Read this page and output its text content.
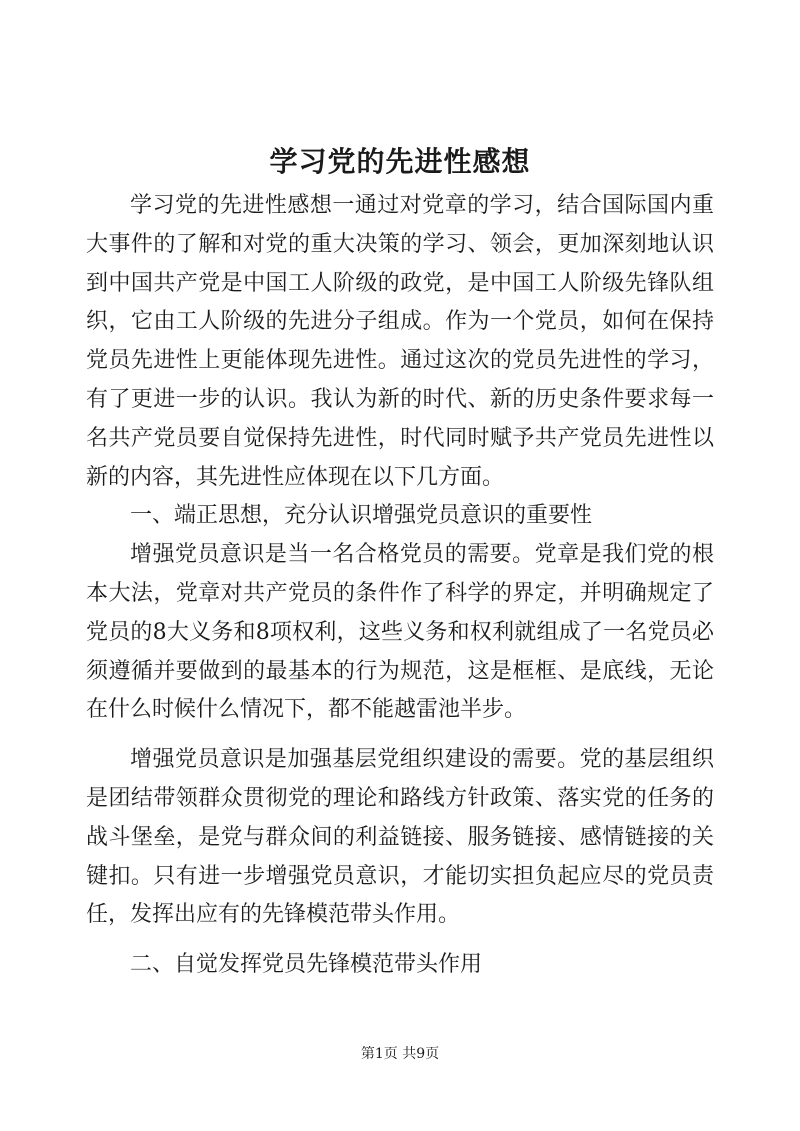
学习党的先进性感想

学习党的先进性感想一通过对党章的学习，结合国际国内重大事件的了解和对党的重大决策的学习、领会，更加深刻地认识到中国共产党是中国工人阶级的政党，是中国工人阶级先锋队组织，它由工人阶级的先进分子组成。作为一个党员，如何在保持党员先进性上更能体现先进性。通过这次的党员先进性的学习，有了更进一步的认识。我认为新的时代、新的历史条件要求每一名共产党员要自觉保持先进性，时代同时赋予共产党员先进性以新的内容，其先进性应体现在以下几方面。

一、端正思想，充分认识增强党员意识的重要性

增强党员意识是当一名合格党员的需要。党章是我们党的根本大法，党章对共产党员的条件作了科学的界定，并明确规定了党员的8大义务和8项权利，这些义务和权利就组成了一名党员必须遵循并要做到的最基本的行为规范，这是框框、是底线，无论在什么时候什么情况下，都不能越雷池半步。

增强党员意识是加强基层党组织建设的需要。党的基层组织是团结带领群众贯彻党的理论和路线方针政策、落实党的任务的战斗堡垒，是党与群众间的利益链接、服务链接、感情链接的关键扣。只有进一步增强党员意识，才能切实担负起应尽的党员责任，发挥出应有的先锋模范带头作用。

二、自觉发挥党员先锋模范带头作用

第1页 共9页
